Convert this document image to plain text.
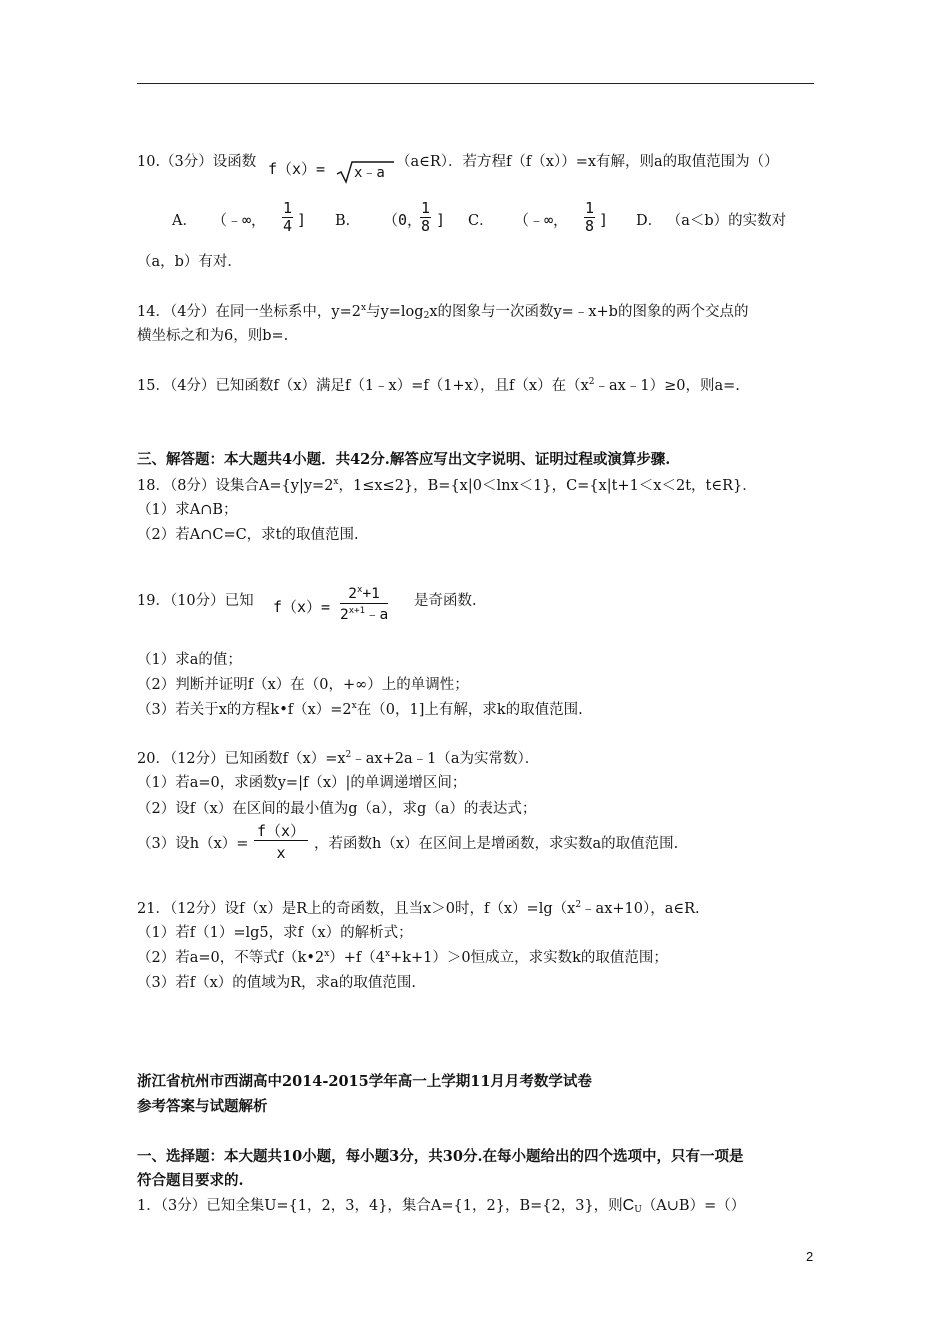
10.（3分）设函数 f（x）= x﹣a
（a∈R）．若方程f（f（x））=x有解，则a的取值范围为（）
A． （﹣∞， $\frac{1}{4}$ ] B． （0，
$\frac{1}{8}$ ] C． （﹣∞， $\frac{1}{8}$ ] D． （a＜b）的实数对
（a，b）有对．
14．（4分）在同一坐标系中，$y=2^x$与$y=\log_2x$的图象与一次函数y=﹣x+b的图象的两个交点的
横坐标之和为6，则b=.
15．（4分）已知函数f（x）满足f（1﹣x）=f（1+x），且f（x）在$(x^2﹣ax﹣1)\ge 0$，则a=.
三、解答题：本大题共4小题．共42分.解答应写出文字说明、证明过程或演算步骤.
18．（8分）设集合$A=\{y|y=2^x$，1≤x≤2}，B={x|0＜lnx＜1}，C={x|t+1＜x＜2t，t∈R}．
（1）求A∩B；
（2）若A∩C=C，求t的取值范围.
19．（10分）已知 $f(x)= \frac{2^x+1}{2^{x+1}﹣a}$ 是奇函数.
（1）求a的值；
（2）判断并证明f（x）在（0，+∞）上的单调性；
（3）若关于x的方程$k•f(x)=2^x$在（0，1]上有解，求k的取值范围.
20．（12分）已知函数$f(x)=x^2﹣ax+2a﹣1(a$为实常数）．
（1）若a=0，求函数y=|f（x）|的单调递增区间；
（2）设f（x）在区间的最小值为g（a），求g（a）的表达式；
（3）设$h(x)= \frac{f(x)}{x}$ ，若函数h（x）在区间上是增函数，求实数a的取值范围.
21．（12分）设f（x）是R上的奇函数，且当x＞0时，$f(x)=\lg(x^2﹣ax+10)$，a∈R.
（1）若f（1）=lg5，求f（x）的解析式；
（2）若a=0，不等式$f(k•2^x)+f(4^x+k+1)>0$恒成立，求实数k的取值范围；
（3）若f（x）的值域为R，求a的取值范围.
浙江省杭州市西湖高中2014-2015学年高一上学期11月月考数学试卷
参考答案与试题解析
一、选择题：本大题共10小题，每小题3分，共30分.在每小题给出的四个选项中，只有一项是
符合题目要求的.
1．（3分）已知全集U={1，2，3，4}，集合A={1，2}，B={2，3}，则$C_U(A\cup B)=()$
2
